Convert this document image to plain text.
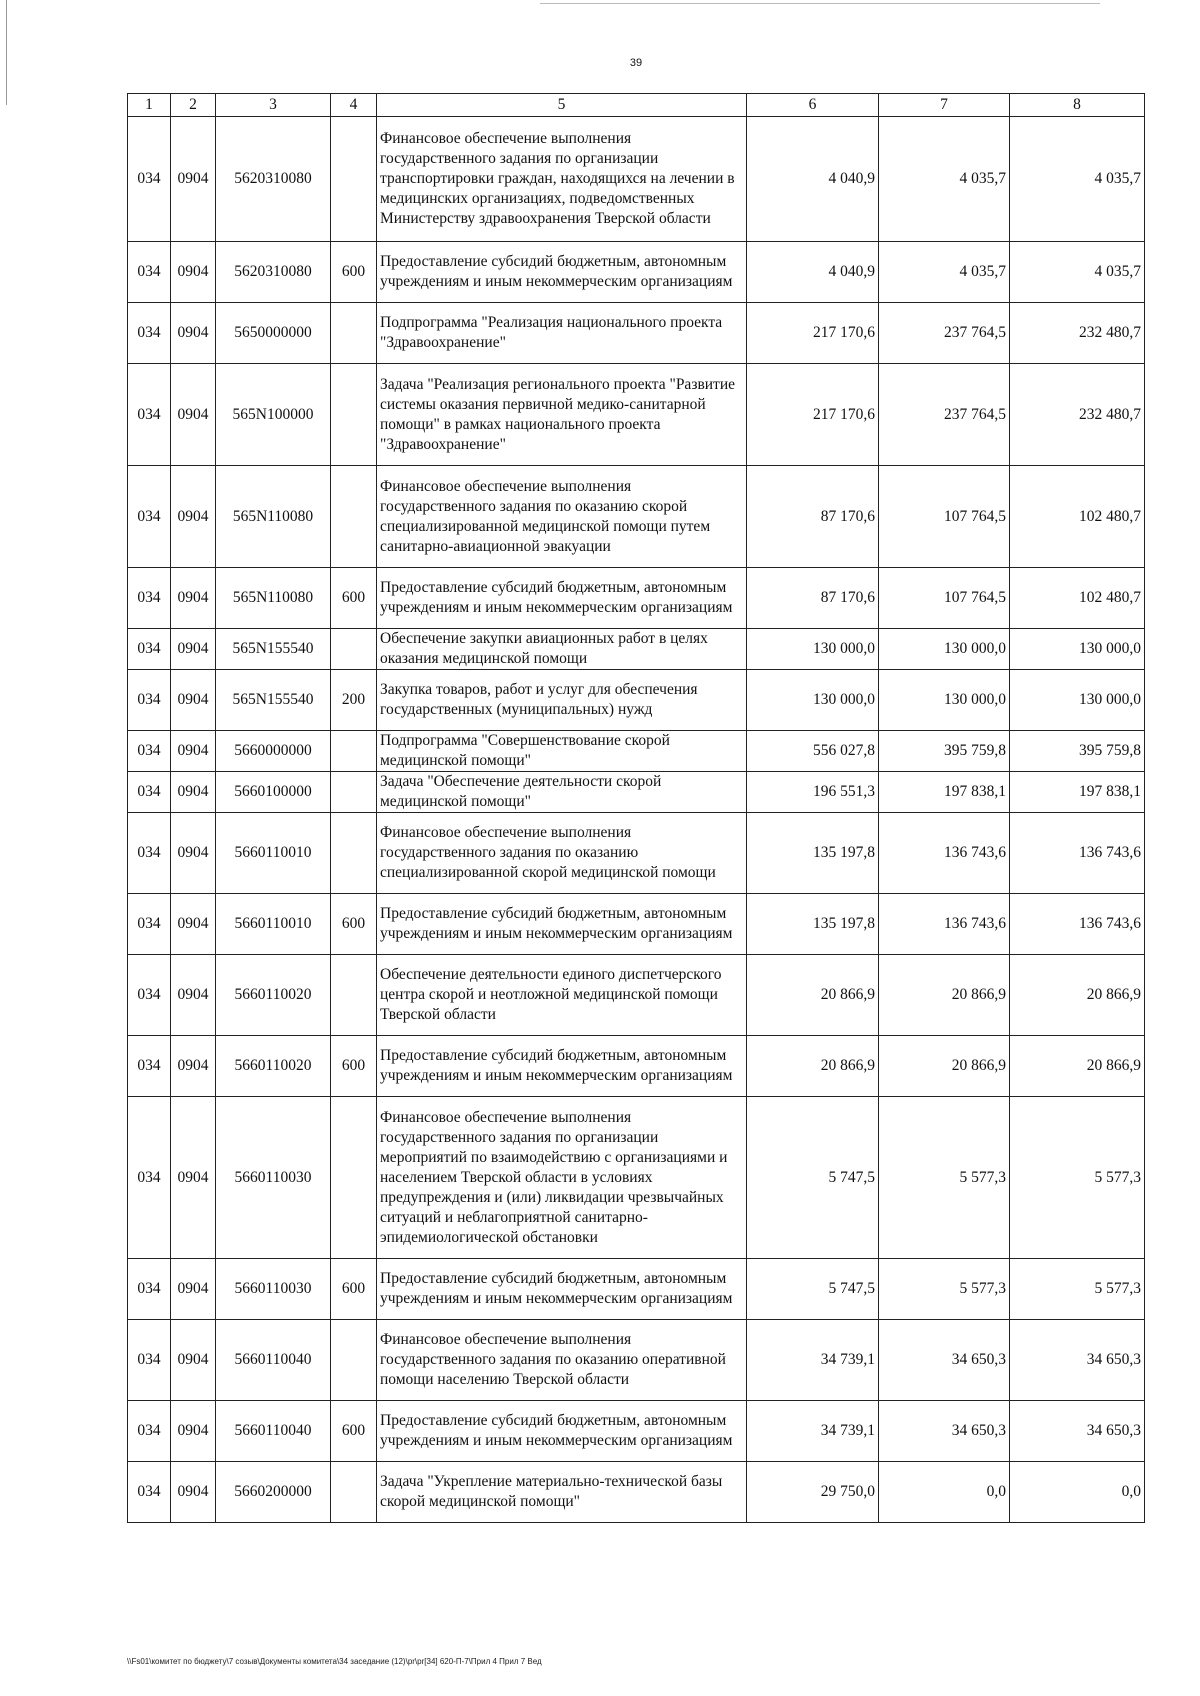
39
1	2	3	4	5	6	7	8
034	0904	5620310080		Финансовое обеспечение выполнения государственного задания по организации транспортировки граждан, находящихся на лечении в медицинских организациях, подведомственных Министерству здравоохранения Тверской области	4 040,9	4 035,7	4 035,7
034	0904	5620310080	600	Предоставление субсидий бюджетным, автономным учреждениям и иным некоммерческим организациям	4 040,9	4 035,7	4 035,7
034	0904	5650000000		Подпрограмма "Реализация национального проекта "Здравоохранение"	217 170,6	237 764,5	232 480,7
034	0904	565N100000		Задача "Реализация регионального проекта "Развитие системы оказания первичной медико-санитарной помощи" в рамках национального проекта "Здравоохранение"	217 170,6	237 764,5	232 480,7
034	0904	565N110080		Финансовое обеспечение выполнения государственного задания по оказанию скорой специализированной медицинской помощи путем санитарно-авиационной эвакуации	87 170,6	107 764,5	102 480,7
034	0904	565N110080	600	Предоставление субсидий бюджетным, автономным учреждениям и иным некоммерческим организациям	87 170,6	107 764,5	102 480,7
034	0904	565N155540		Обеспечение закупки авиационных работ в целях оказания медицинской помощи	130 000,0	130 000,0	130 000,0
034	0904	565N155540	200	Закупка товаров, работ и услуг для обеспечения государственных (муниципальных) нужд	130 000,0	130 000,0	130 000,0
034	0904	5660000000		Подпрограмма "Совершенствование скорой медицинской помощи"	556 027,8	395 759,8	395 759,8
034	0904	5660100000		Задача "Обеспечение деятельности скорой медицинской помощи"	196 551,3	197 838,1	197 838,1
034	0904	5660110010		Финансовое обеспечение выполнения государственного задания по оказанию специализированной скорой медицинской помощи	135 197,8	136 743,6	136 743,6
034	0904	5660110010	600	Предоставление субсидий бюджетным, автономным учреждениям и иным некоммерческим организациям	135 197,8	136 743,6	136 743,6
034	0904	5660110020		Обеспечение деятельности единого диспетчерского центра скорой и неотложной медицинской помощи Тверской области	20 866,9	20 866,9	20 866,9
034	0904	5660110020	600	Предоставление субсидий бюджетным, автономным учреждениям и иным некоммерческим организациям	20 866,9	20 866,9	20 866,9
034	0904	5660110030		Финансовое обеспечение выполнения государственного задания по организации мероприятий по взаимодействию с организациями и населением Тверской области в условиях предупреждения и (или) ликвидации чрезвычайных ситуаций и неблагоприятной санитарно-эпидемиологической обстановки	5 747,5	5 577,3	5 577,3
034	0904	5660110030	600	Предоставление субсидий бюджетным, автономным учреждениям и иным некоммерческим организациям	5 747,5	5 577,3	5 577,3
034	0904	5660110040		Финансовое обеспечение выполнения государственного задания по оказанию оперативной помощи населению Тверской области	34 739,1	34 650,3	34 650,3
034	0904	5660110040	600	Предоставление субсидий бюджетным, автономным учреждениям и иным некоммерческим организациям	34 739,1	34 650,3	34 650,3
034	0904	5660200000		Задача "Укрепление материально-технической базы скорой медицинской помощи"	29 750,0	0,0	0,0
\\Fs01\комитет по бюджету\7 созыв\Документы комитета\34 заседание (12)\pr\pr[34] 620-П-7\Прил 4 Прил 7 Вед
